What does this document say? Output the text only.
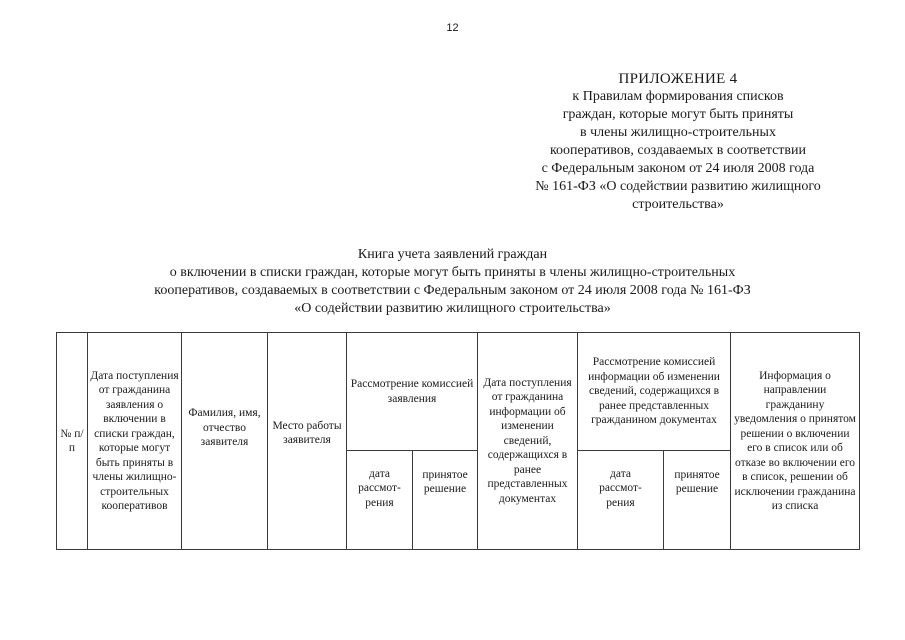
12
ПРИЛОЖЕНИЕ 4
к Правилам формирования списков
граждан, которые могут быть приняты
в члены жилищно-строительных
кооперативов, создаваемых в соответствии
с Федеральным законом от 24 июля 2008 года
№ 161-ФЗ «О содействии развитию жилищного
строительства»
Книга учета заявлений граждан
о включении в списки граждан, которые могут быть приняты в члены жилищно-строительных
кооперативов, создаваемых в соответствии с Федеральным законом от 24 июля 2008 года № 161-ФЗ
«О содействии развитию жилищного строительства»
№ п/п
Дата поступления от гражданина заявления о включении в списки граждан, которые могут быть приняты в члены жилищно-строительных кооперативов
Фамилия, имя, отчество заявителя
Место работы заявителя
Рассмотрение комиссией заявления
дата рассмот-рения
принятое решение
Дата поступления от гражданина информации об изменении сведений, содержащихся в ранее представленных документах
Рассмотрение комиссией информации об изменении сведений, содержащихся в ранее представленных гражданином документах
дата рассмот-рения
принятое решение
Информация о направлении гражданину уведомления о принятом решении о включении его в список или об отказе во включении его в список, решении об исключении гражданина из списка
